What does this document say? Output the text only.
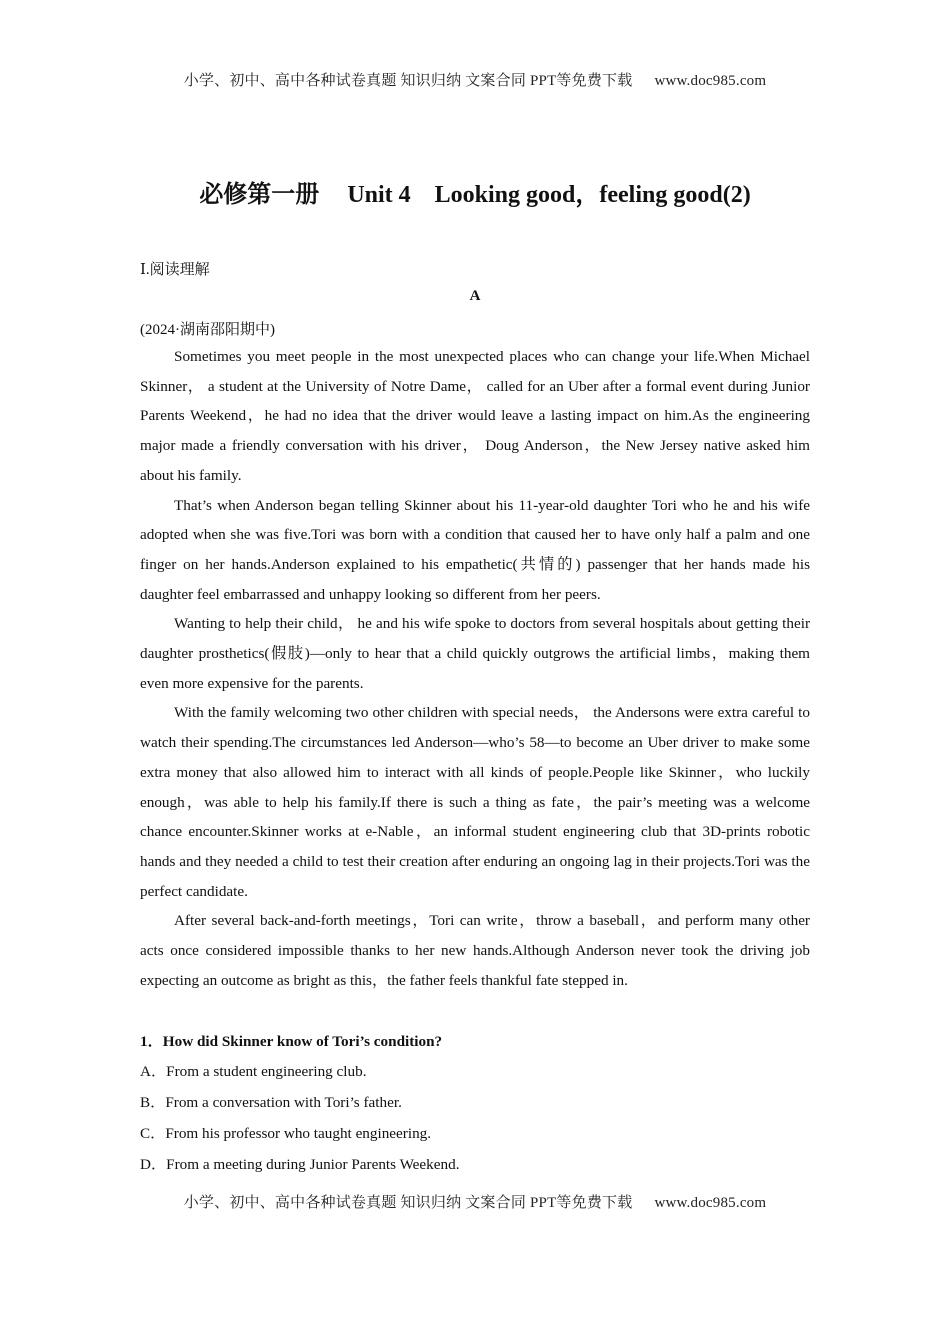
小学、初中、高中各种试卷真题 知识归纳 文案合同 PPT等免费下载 www.doc985.com
必修第一册 Unit 4 Looking good，feeling good(2)
Ⅰ.阅读理解
A
(2024·湖南邵阳期中)

Sometimes you meet people in the most unexpected places who can change your life.When Michael Skinner， a student at the University of Notre Dame， called for an Uber after a formal event during Junior Parents Weekend，he had no idea that the driver would leave a lasting impact on him.As the engineering major made a friendly conversation with his driver， Doug Anderson，the New Jersey native asked him about his family.

That’s when Anderson began telling Skinner about his 11-year-old daughter Tori who he and his wife adopted when she was five.Tori was born with a condition that caused her to have only half a palm and one finger on her hands.Anderson explained to his empathetic(共情的) passenger that her hands made his daughter feel embarrassed and unhappy looking so different from her peers.

Wanting to help their child， he and his wife spoke to doctors from several hospitals about getting their daughter prosthetics(假肢)—only to hear that a child quickly outgrows the artificial limbs，making them even more expensive for the parents.

With the family welcoming two other children with special needs， the Andersons were extra careful to watch their spending.The circumstances led Anderson—who’s 58—to become an Uber driver to make some extra money that also allowed him to interact with all kinds of people.People like Skinner，who luckily enough，was able to help his family.If there is such a thing as fate，the pair’s meeting was a welcome chance encounter.Skinner works at e-Nable，an informal student engineering club that 3D-prints robotic hands and they needed a child to test their creation after enduring an ongoing lag in their projects.Tori was the perfect candidate.

After several back-and-forth meetings，Tori can write，throw a baseball，and perform many other acts once considered impossible thanks to her new hands.Although Anderson never took the driving job expecting an outcome as bright as this，the father feels thankful fate stepped in.

1．How did Skinner know of Tori’s condition?
A．From a student engineering club.
B．From a conversation with Tori’s father.
C．From his professor who taught engineering.
D．From a meeting during Junior Parents Weekend.
小学、初中、高中各种试卷真题 知识归纳 文案合同 PPT等免费下载 www.doc985.com
